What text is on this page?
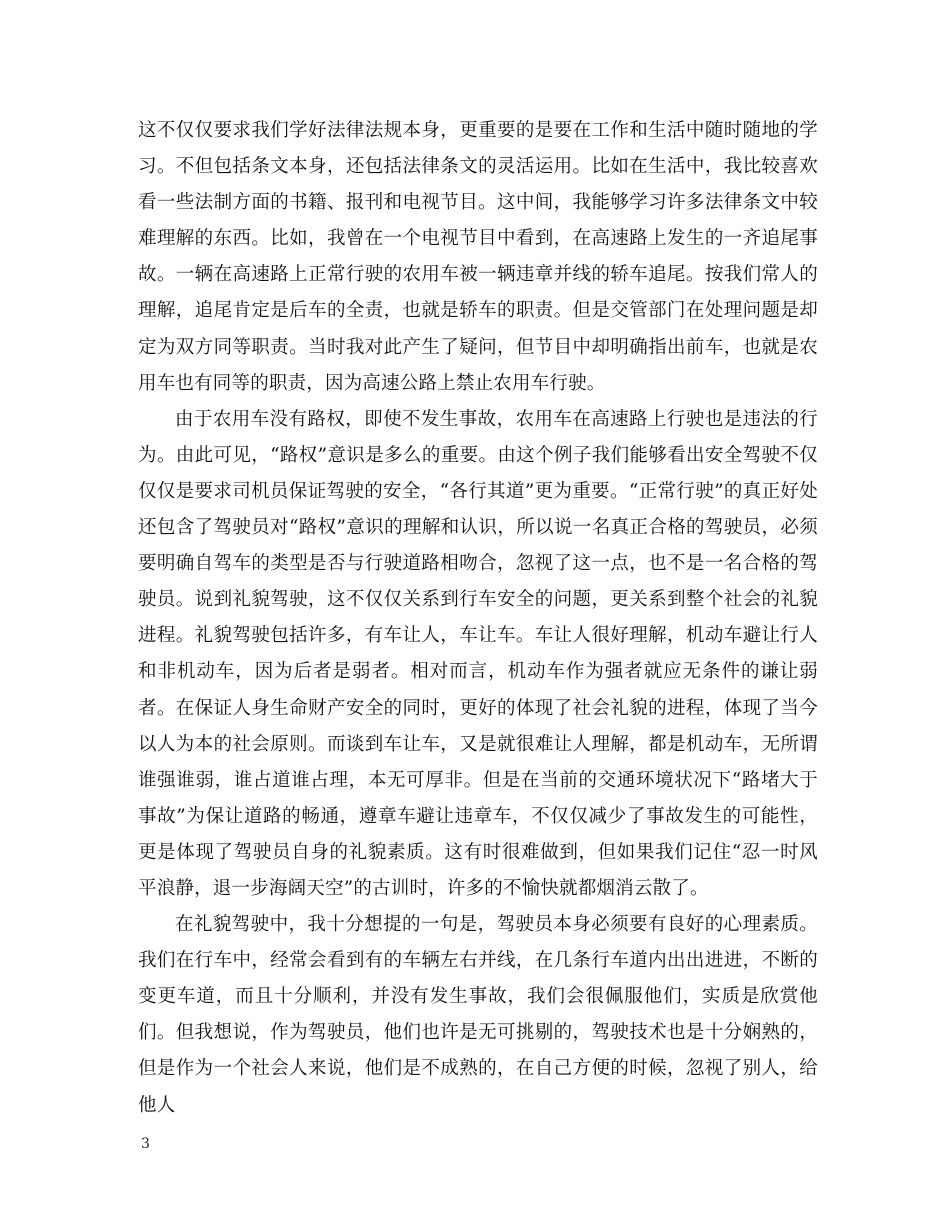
这不仅仅要求我们学好法律法规本身，更重要的是要在工作和生活中随时随地的学习。不但包括条文本身，还包括法律条文的灵活运用。比如在生活中，我比较喜欢看一些法制方面的书籍、报刊和电视节目。这中间，我能够学习许多法律条文中较难理解的东西。比如，我曾在一个电视节目中看到，在高速路上发生的一齐追尾事故。一辆在高速路上正常行驶的农用车被一辆违章并线的轿车追尾。按我们常人的理解，追尾肯定是后车的全责，也就是轿车的职责。但是交管部门在处理问题是却定为双方同等职责。当时我对此产生了疑问，但节目中却明确指出前车，也就是农用车也有同等的职责，因为高速公路上禁止农用车行驶。

由于农用车没有路权，即使不发生事故，农用车在高速路上行驶也是违法的行为。由此可见，“路权”意识是多么的重要。由这个例子我们能够看出安全驾驶不仅仅仅是要求司机员保证驾驶的安全，“各行其道”更为重要。“正常行驶”的真正好处还包含了驾驶员对“路权”意识的理解和认识，所以说一名真正合格的驾驶员，必须要明确自驾车的类型是否与行驶道路相吻合，忽视了这一点，也不是一名合格的驾驶员。说到礼貌驾驶，这不仅仅关系到行车安全的问题，更关系到整个社会的礼貌进程。礼貌驾驶包括许多，有车让人，车让车。车让人很好理解，机动车避让行人和非机动车，因为后者是弱者。相对而言，机动车作为强者就应无条件的谦让弱者。在保证人身生命财产安全的同时，更好的体现了社会礼貌的进程，体现了当今以人为本的社会原则。而谈到车让车，又是就很难让人理解，都是机动车，无所谓谁强谁弱，谁占道谁占理，本无可厚非。但是在当前的交通环境状况下“路堵大于事故”为保让道路的畅通，遵章车避让违章车，不仅仅减少了事故发生的可能性，更是体现了驾驶员自身的礼貌素质。这有时很难做到，但如果我们记住“忍一时风平浪静，退一步海阔天空”的古训时，许多的不愉快就都烟消云散了。

在礼貌驾驶中，我十分想提的一句是，驾驶员本身必须要有良好的心理素质。我们在行车中，经常会看到有的车辆左右并线，在几条行车道内出出进进，不断的变更车道，而且十分顺利，并没有发生事故，我们会很佩服他们，实质是欣赏他们。但我想说，作为驾驶员，他们也许是无可挑剔的，驾驶技术也是十分娴熟的，但是作为一个社会人来说，他们是不成熟的，在自己方便的时候，忽视了别人，给他人

3
